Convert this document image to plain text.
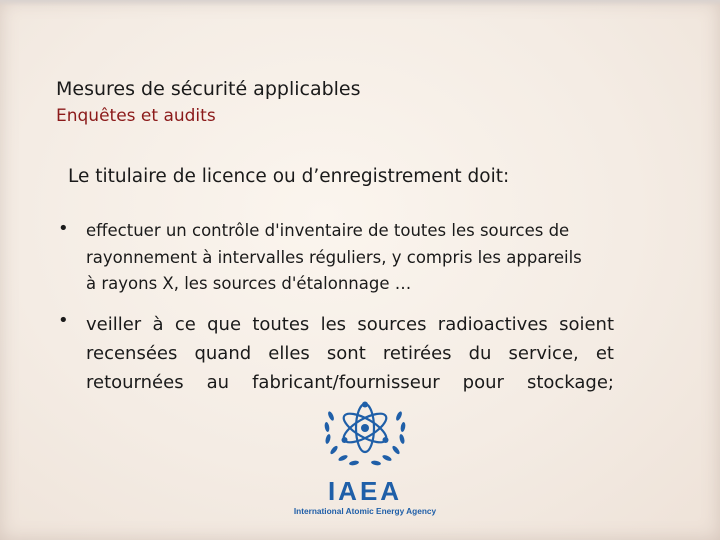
Mesures de sécurité applicables
Enquêtes et audits
Le titulaire de licence ou d’enregistrement doit:
• effectuer un contrôle d'inventaire de toutes les sources de
rayonnement à intervalles réguliers, y compris les appareils
à rayons X, les sources d'étalonnage …
• veiller à ce que toutes les sources radioactives soient
recensées quand elles sont retirées du service, et
retournées au fabricant/fournisseur pour stockage;
IAEA
International Atomic Energy Agency
